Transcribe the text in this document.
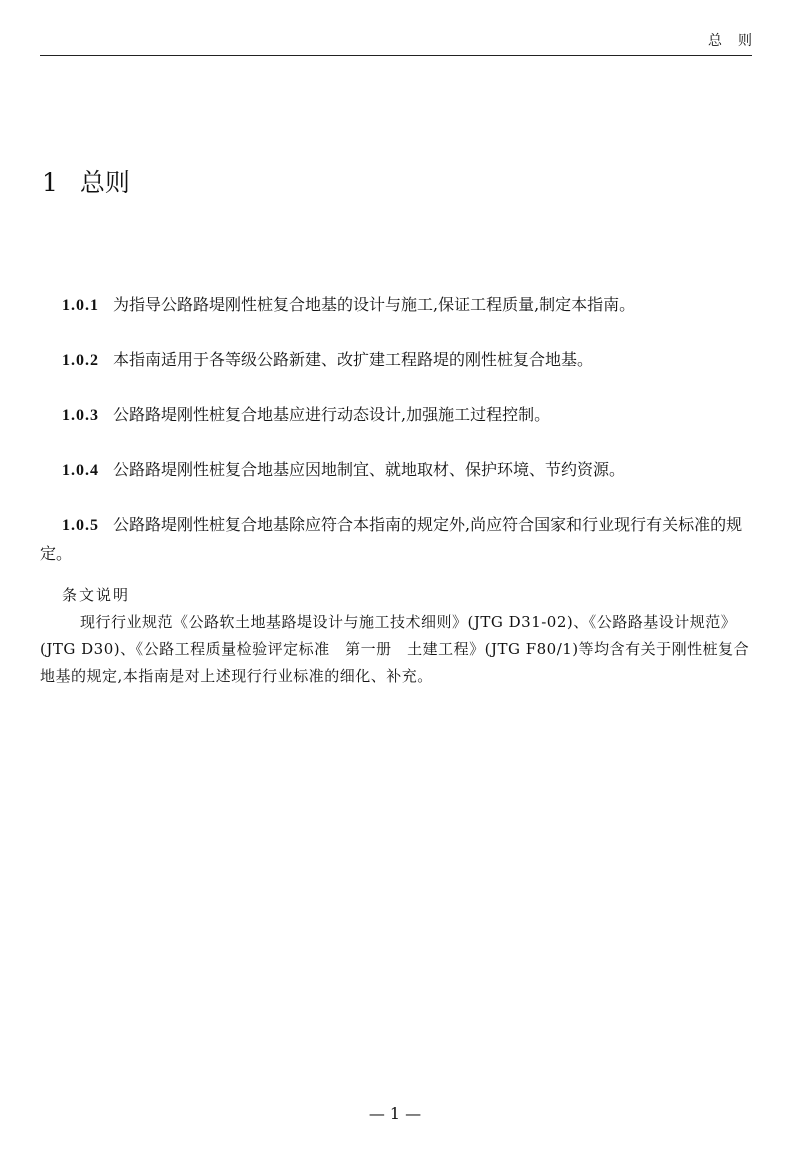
总则
1 总则

1.0.1 为指导公路路堤刚性桩复合地基的设计与施工,保证工程质量,制定本指南。

1.0.2 本指南适用于各等级公路新建、改扩建工程路堤的刚性桩复合地基。

1.0.3 公路路堤刚性桩复合地基应进行动态设计,加强施工过程控制。

1.0.4 公路路堤刚性桩复合地基应因地制宜、就地取材、保护环境、节约资源。

1.0.5 公路路堤刚性桩复合地基除应符合本指南的规定外,尚应符合国家和行业现行有关标准的规定。

条文说明
现行行业规范《公路软土地基路堤设计与施工技术细则》(JTG D31-02)、《公路路基设计规范》(JTG D30)、《公路工程质量检验评定标准　第一册　土建工程》(JTG F80/1)等均含有关于刚性桩复合地基的规定,本指南是对上述现行行业标准的细化、补充。
— 1 —
